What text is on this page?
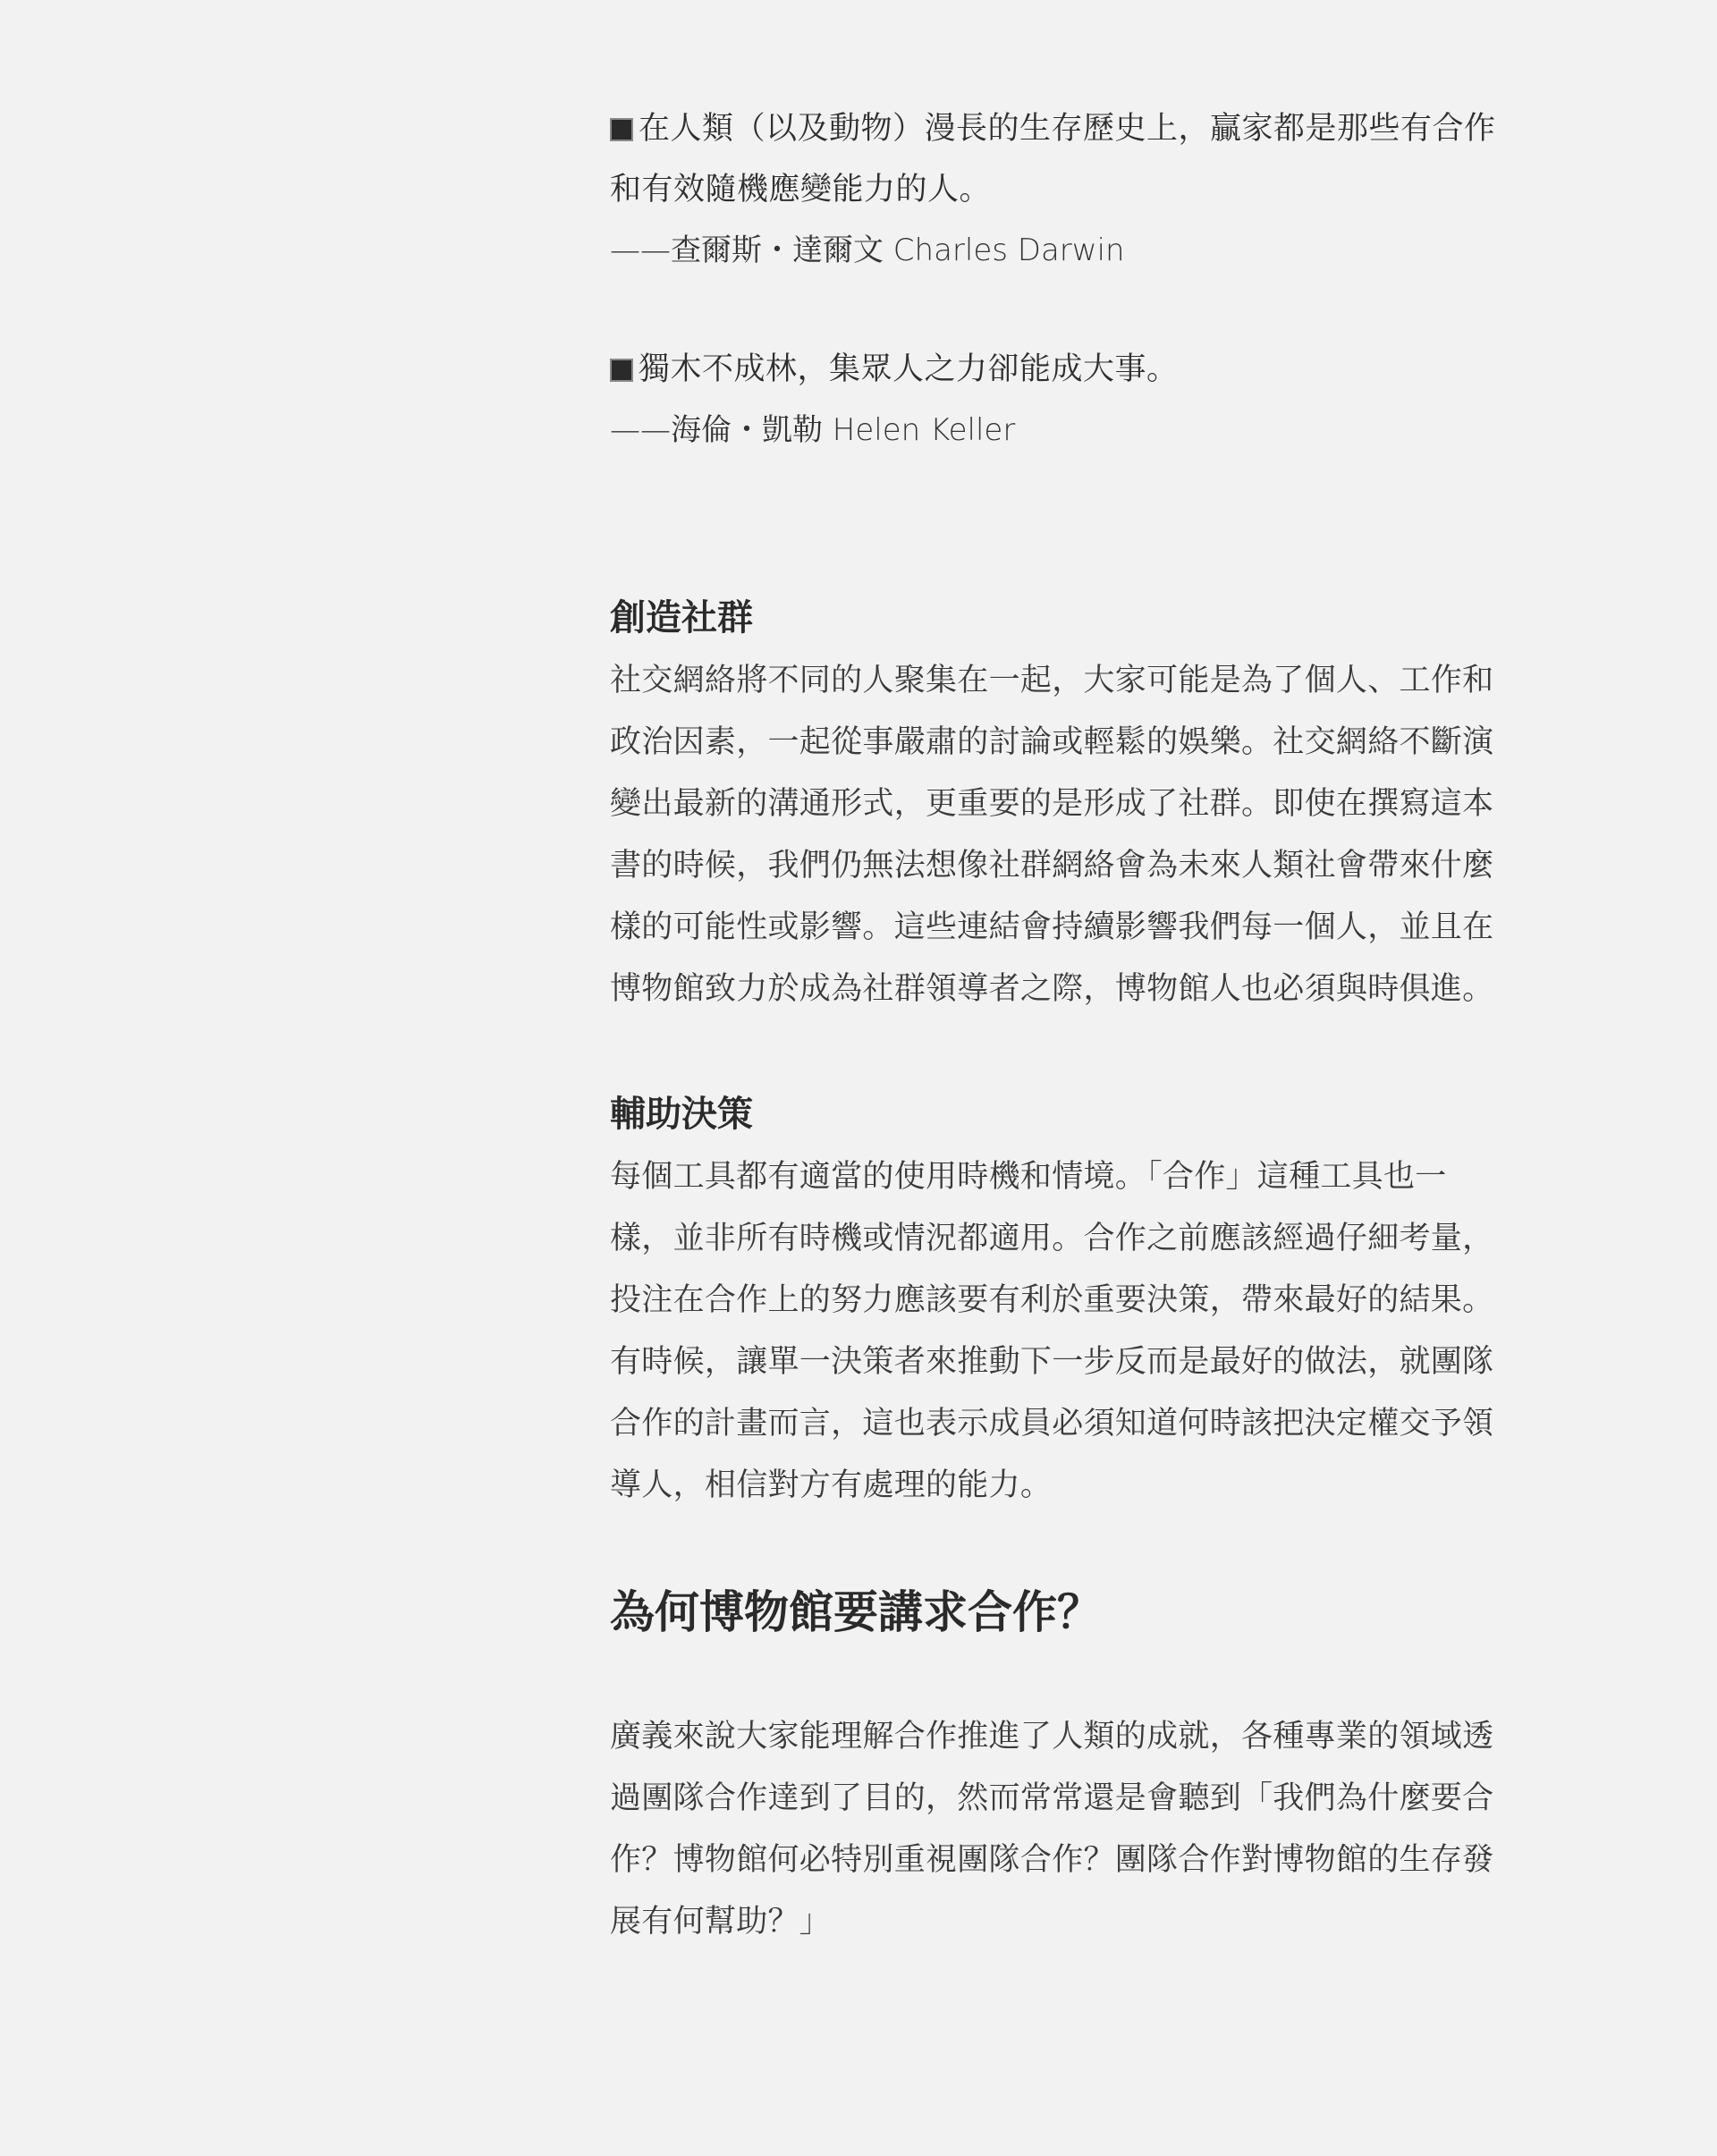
在人類（以及動物）漫長的生存歷史上，贏家都是那些有合作
和有效隨機應變能力的人。
——查爾斯・達爾文 Charles Darwin
獨木不成林，集眾人之力卻能成大事。
——海倫・凱勒 Helen Keller
創造社群
社交網絡將不同的人聚集在一起，大家可能是為了個人、工作和
政治因素，一起從事嚴肅的討論或輕鬆的娛樂。社交網絡不斷演
變出最新的溝通形式，更重要的是形成了社群。即使在撰寫這本
書的時候，我們仍無法想像社群網絡會為未來人類社會帶來什麼
樣的可能性或影響。這些連結會持續影響我們每一個人，並且在
博物館致力於成為社群領導者之際，博物館人也必須與時俱進。
輔助決策
每個工具都有適當的使用時機和情境。「合作」這種工具也一
樣，並非所有時機或情況都適用。合作之前應該經過仔細考量，
投注在合作上的努力應該要有利於重要決策，帶來最好的結果。
有時候，讓單一決策者來推動下一步反而是最好的做法，就團隊
合作的計畫而言，這也表示成員必須知道何時該把決定權交予領
導人，相信對方有處理的能力。
為何博物館要講求合作？
廣義來說大家能理解合作推進了人類的成就，各種專業的領域透
過團隊合作達到了目的，然而常常還是會聽到「我們為什麼要合
作？博物館何必特別重視團隊合作？團隊合作對博物館的生存發
展有何幫助？」
